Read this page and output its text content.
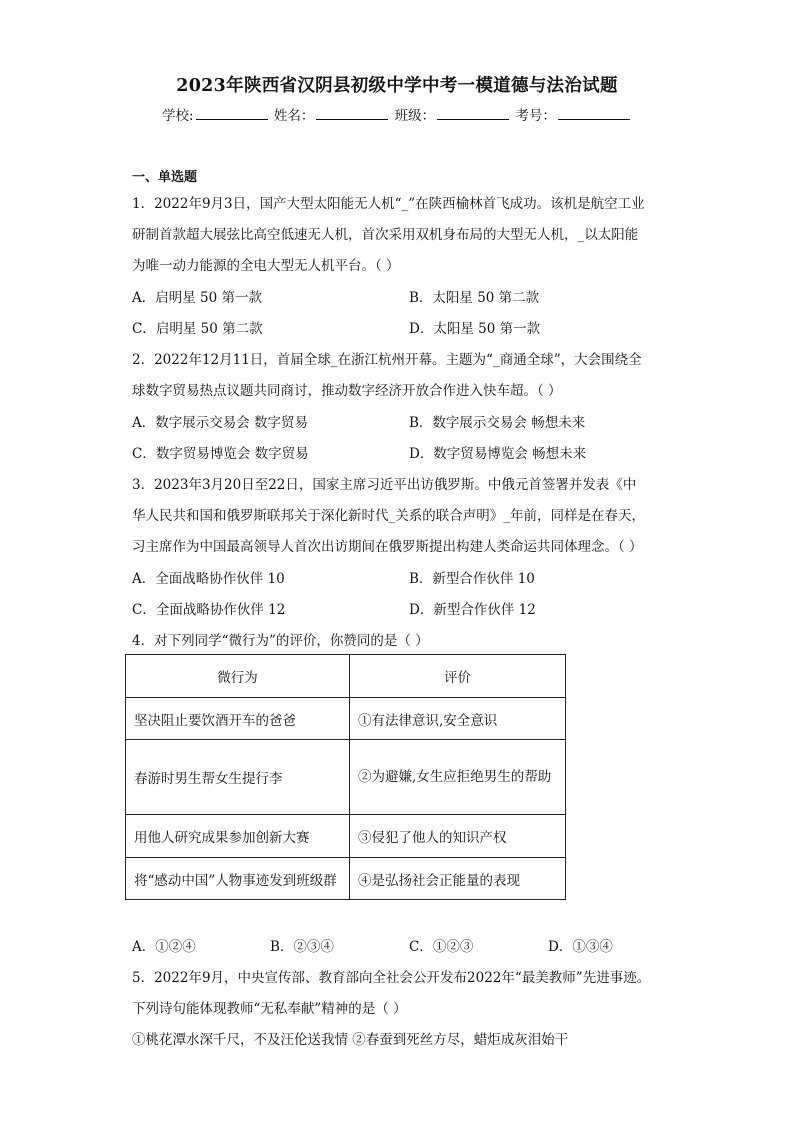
2023年陕西省汉阴县初级中学中考一模道德与法治试题
学校:	姓名：	班级：	考号：
一、单选题
1．2022年9月3日，国产大型太阳能无人机“_”在陕西榆林首飞成功。该机是航空工业
研制首款超大展弦比高空低速无人机，首次采用双机身布局的大型无人机，_以太阳能
为唯一动力能源的全电大型无人机平台。（ ）
A．启明星 50 第一款	B．太阳星 50 第二款
C．启明星 50 第二款	D．太阳星 50 第一款
2．2022年12月11日，首届全球_在浙江杭州开幕。主题为“_商通全球”，大会围绕全
球数字贸易热点议题共同商讨，推动数字经济开放合作进入快车超。（ ）
A．数字展示交易会 数字贸易	B．数字展示交易会 畅想未来
C．数字贸易博览会 数字贸易	D．数字贸易博览会 畅想未来
3．2023年3月20日至22日，国家主席习近平出访俄罗斯。中俄元首签署并发表《中
华人民共和国和俄罗斯联邦关于深化新时代_关系的联合声明》_年前，同样是在春天，
习主席作为中国最高领导人首次出访期间在俄罗斯提出构建人类命运共同体理念。（ ）
A．全面战略协作伙伴 10	B．新型合作伙伴 10
C．全面战略协作伙伴 12	D．新型合作伙伴 12
4．对下列同学“微行为”的评价，你赞同的是（ ）
微行为	评价
坚决阻止要饮酒开车的爸爸	①有法律意识,安全意识
春游时男生帮女生提行李	②为避嫌,女生应拒绝男生的帮助
用他人研究成果参加创新大赛	③侵犯了他人的知识产权
将“感动中国”人物事迹发到班级群	④是弘扬社会正能量的表现
A．①②④	B．②③④	C．①②③	D．①③④
5．2022年9月，中央宣传部、教育部向全社会公开发布2022年“最美教师”先进事迹。
下列诗句能体现教师“无私奉献”精神的是（ ）
①桃花潭水深千尺，不及汪伦送我情 ②春蚕到死丝方尽，蜡炬成灰泪始干
